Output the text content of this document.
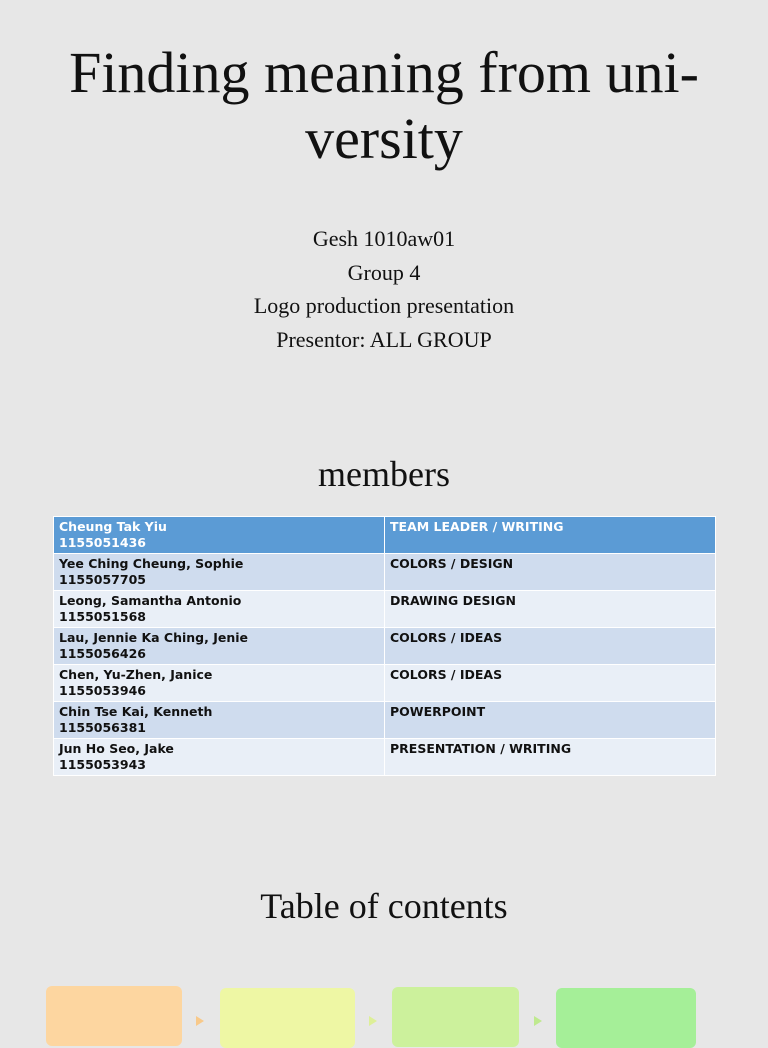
Finding meaning from uni-
versity
Gesh 1010aw01
Group 4
Logo production presentation
Presentor: ALL GROUP
members
Cheung Tak Yiu
1155051436	TEAM LEADER / WRITING
Yee Ching Cheung, Sophie
1155057705	COLORS / DESIGN
Leong, Samantha Antonio
1155051568	DRAWING DESIGN
Lau, Jennie Ka Ching, Jenie
1155056426	COLORS / IDEAS
Chen, Yu-Zhen, Janice
1155053946	COLORS / IDEAS
Chin Tse Kai, Kenneth
1155056381	POWERPOINT
Jun Ho Seo, Jake
1155053943	PRESENTATION / WRITING
Table of contents
